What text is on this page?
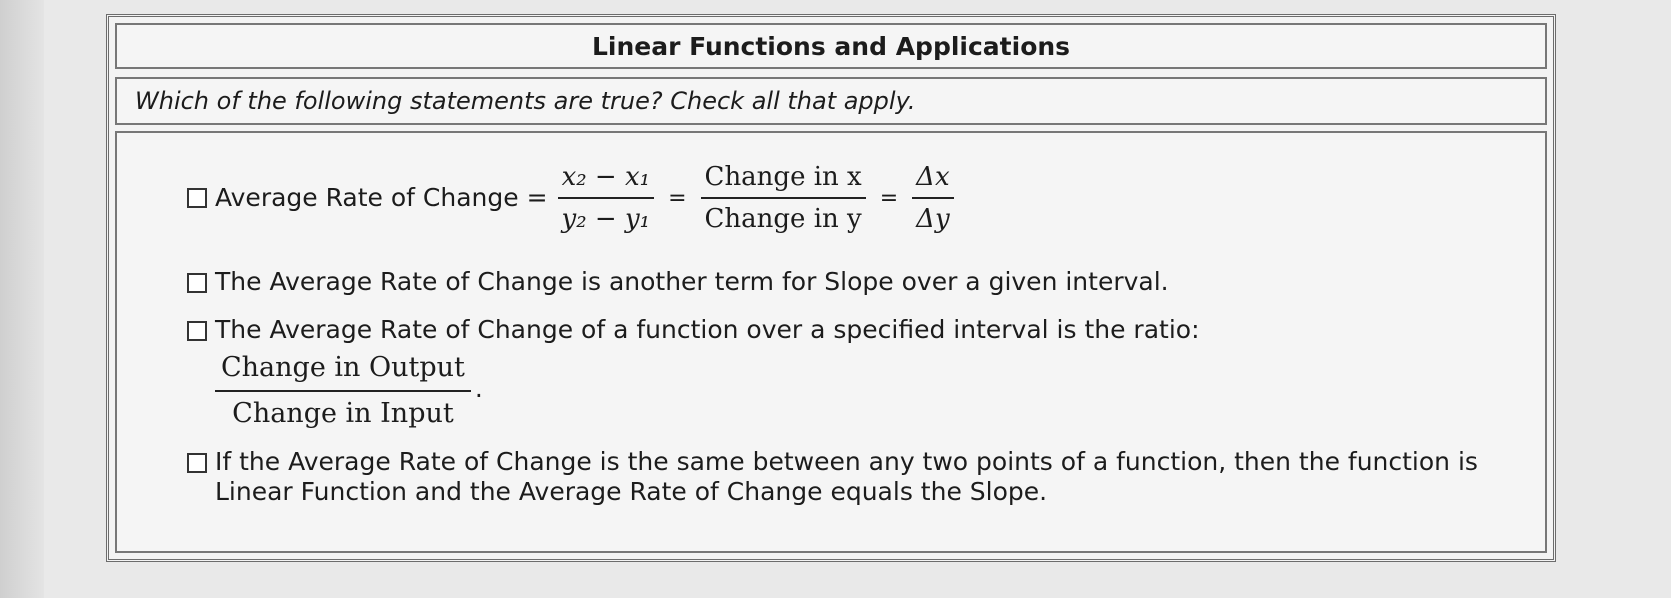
Linear Functions and Applications
Which of the following statements are true? Check all that apply.
Average Rate of Change = $\frac{\text{x₂ − x₁}}{\text{y₂ − y₁}} = \frac{\text{Change in x}}{\text{Change in y}} = \frac{\Delta x}{\Delta y}$
The Average Rate of Change is another term for Slope over a given interval.
The Average Rate of Change of a function over a specified interval is the ratio:
$\frac{\text{Change in Output}}{\text{Change in Input}}$ .
If the Average Rate of Change is the same between any two points of a function, then the function is Linear Function and the Average Rate of Change equals the Slope.
